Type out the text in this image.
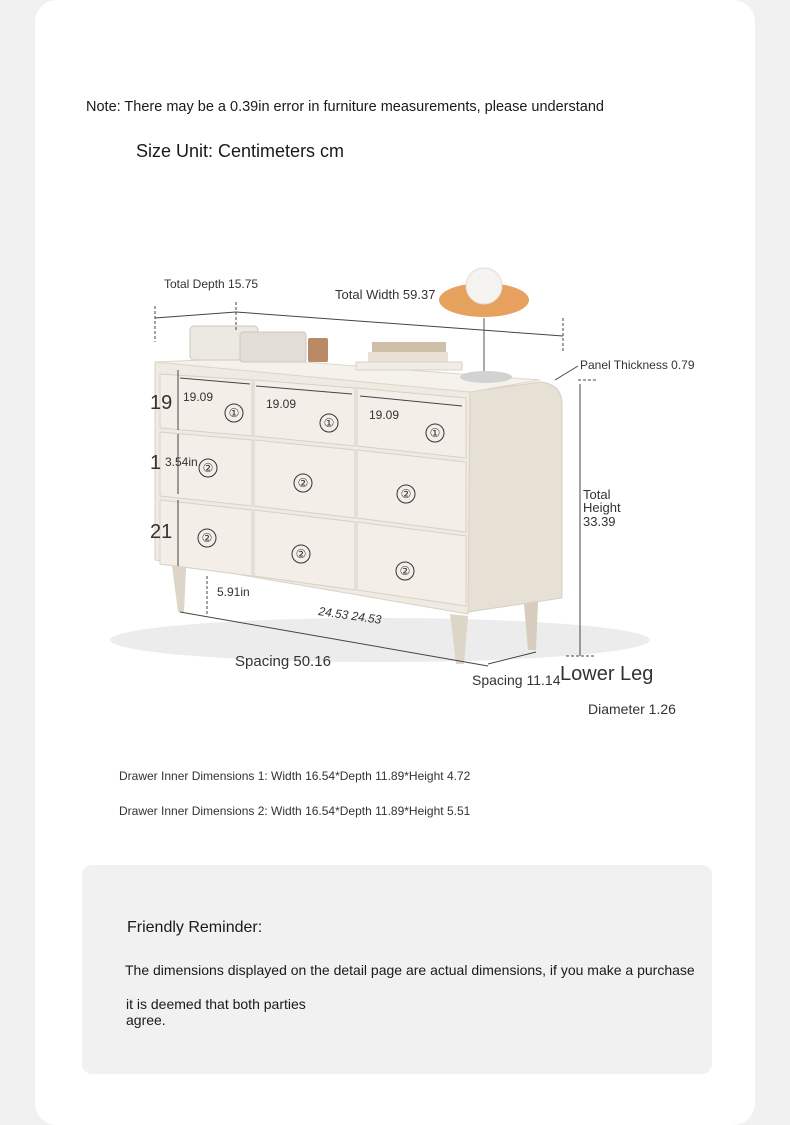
Note: There may be a 0.39in error in furniture measurements, please understand
Size Unit: Centimeters cm
①
①
①
②
②
②
②
②
②
Total Depth 15.75
Total Width 59.37
Panel Thickness 0.79
Total
Height
33.39
19
1 3.54in
21
19.09	19.09
19.09
5.91in
24.53 24.53
Spacing 50.16
Spacing 11.14 Lower Leg
Diameter 1.26
Drawer Inner Dimensions 1: Width 16.54*Depth 11.89*Height 4.72
Drawer Inner Dimensions 2: Width 16.54*Depth 11.89*Height 5.51
Friendly Reminder:
The dimensions displayed on the detail page are actual dimensions, if you make a purchase
it is deemed that both parties agree.
